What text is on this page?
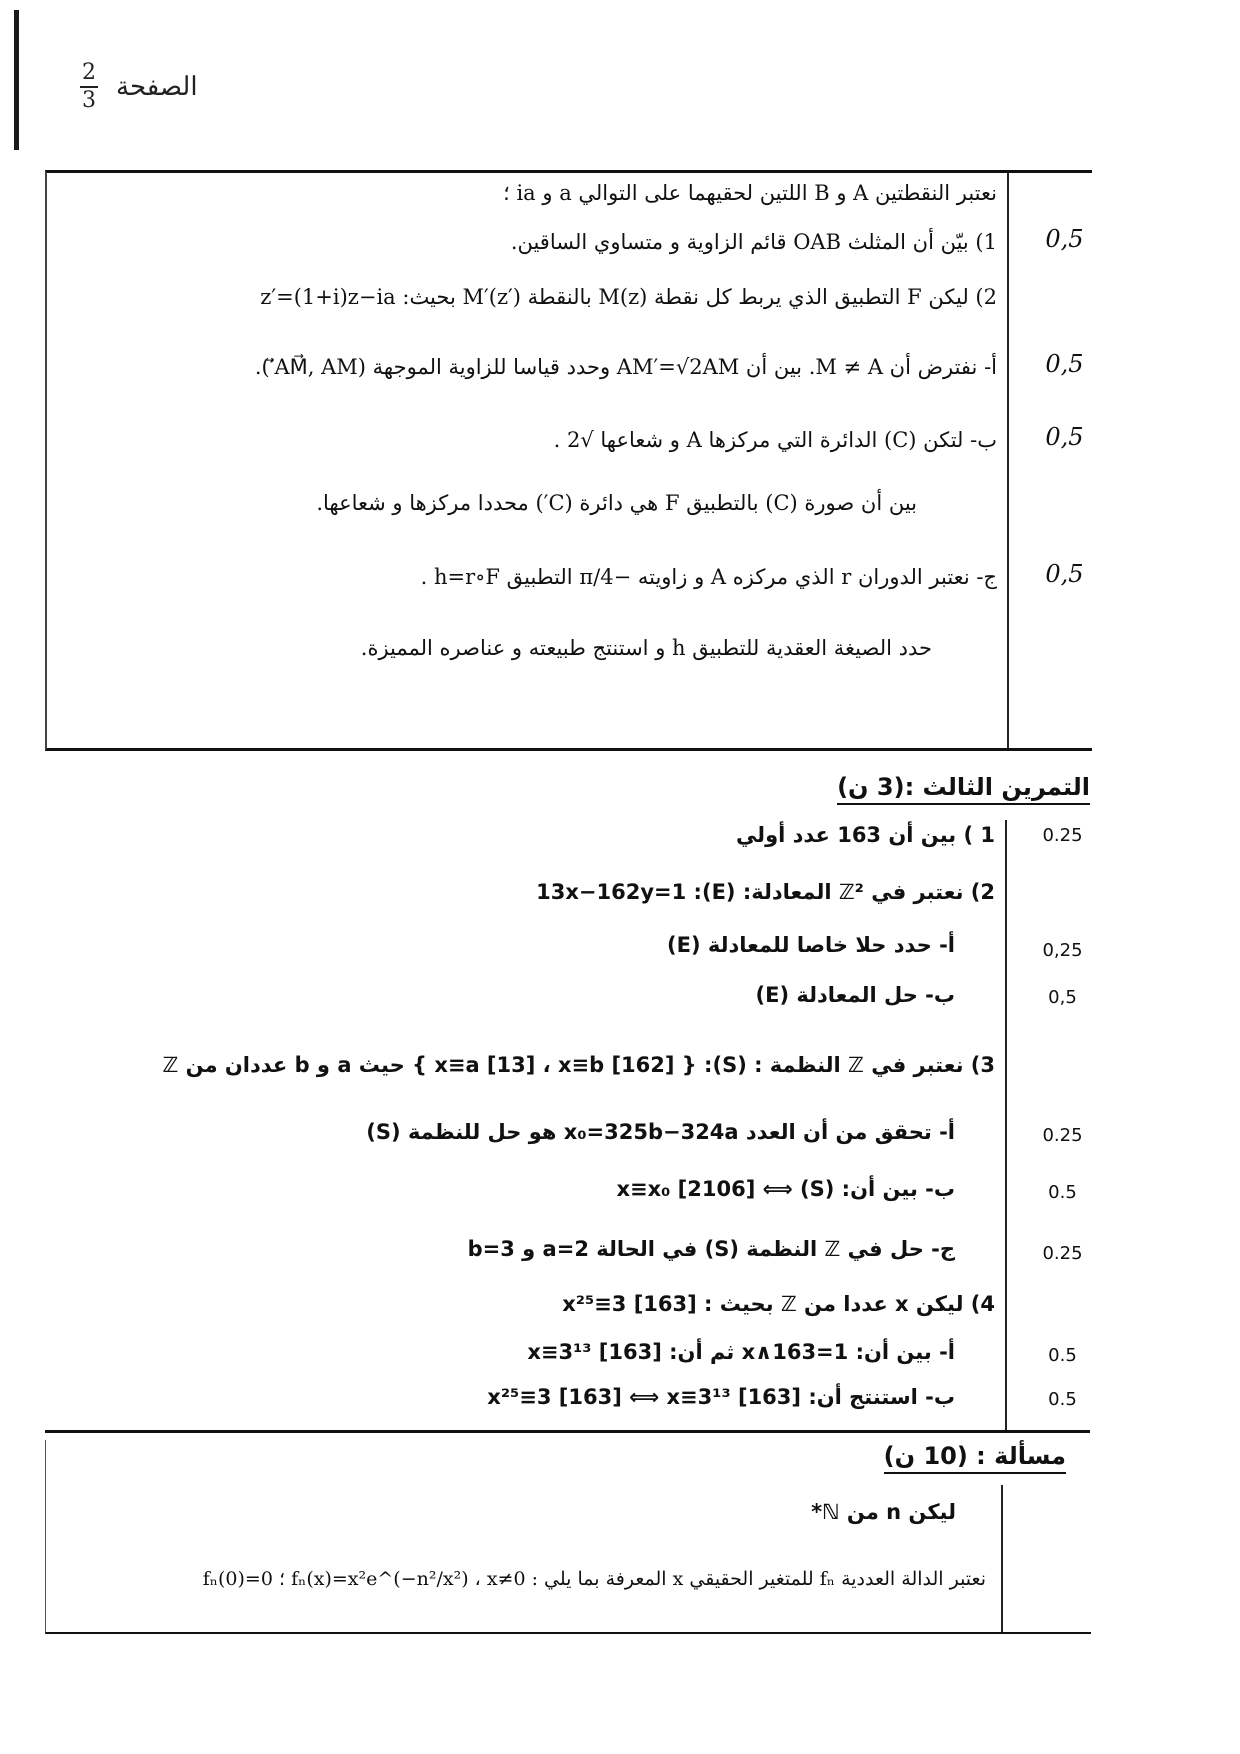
$\frac{2}{3}$ الصفحة
نعتبر النقطتين A و B اللتين لحقيهما على التوالي a و ia ؛
1) بيّن أن المثلث OAB قائم الزاوية و متساوي الساقين.	0,5
2) ليكن F التطبيق الذي يربط كل نقطة M(z) بالنقطة M′(z′) بحيث: z′=(1+i)z−ia
أ- نفترض أن M ≠ A. بين أن AM′=√2AM وحدد قياسا للزاوية الموجهة (AM⃗, AM′⃗).	0,5
ب- لتكن (C) الدائرة التي مركزها A و شعاعها √2 .	0,5
بين أن صورة (C) بالتطبيق F هي دائرة (C′) محددا مركزها و شعاعها.
ج- نعتبر الدوران r الذي مركزه A و زاويته −π/4 التطبيق h=r∘F .	0,5
حدد الصيغة العقدية للتطبيق h و استنتج طبيعته و عناصره المميزة.
التمرين الثالث :(3 ن)
1 ) بين أن 163 عدد أولي	0.25
2) نعتبر في ℤ² المعادلة: (E): 13x−162y=1
أ- حدد حلا خاصا للمعادلة (E)	0,25
ب- حل المعادلة (E)	0,5
3) نعتبر في ℤ النظمة : (S): { x≡a [13] ، x≡b [162] } حيث a و b عددان من ℤ
أ- تحقق من أن العدد x₀=325b−324a هو حل للنظمة (S)	0.25
ب- بين أن: (S) ⟺ x≡x₀ [2106]	0.5
ج- حل في ℤ النظمة (S) في الحالة a=2 و b=3	0.25
4) ليكن x عددا من ℤ بحيث : x²⁵≡3 [163]
أ- بين أن: x∧163=1 ثم أن: x≡3¹³ [163]	0.5
ب- استنتج أن: x²⁵≡3 [163] ⟺ x≡3¹³ [163]	0.5
مسألة : (10 ن)
ليكن n من ℕ*
نعتبر الدالة العددية fₙ للمتغير الحقيقي x المعرفة بما يلي : fₙ(x)=x²e^(−n²/x²) ، x≠0 ؛ fₙ(0)=0
